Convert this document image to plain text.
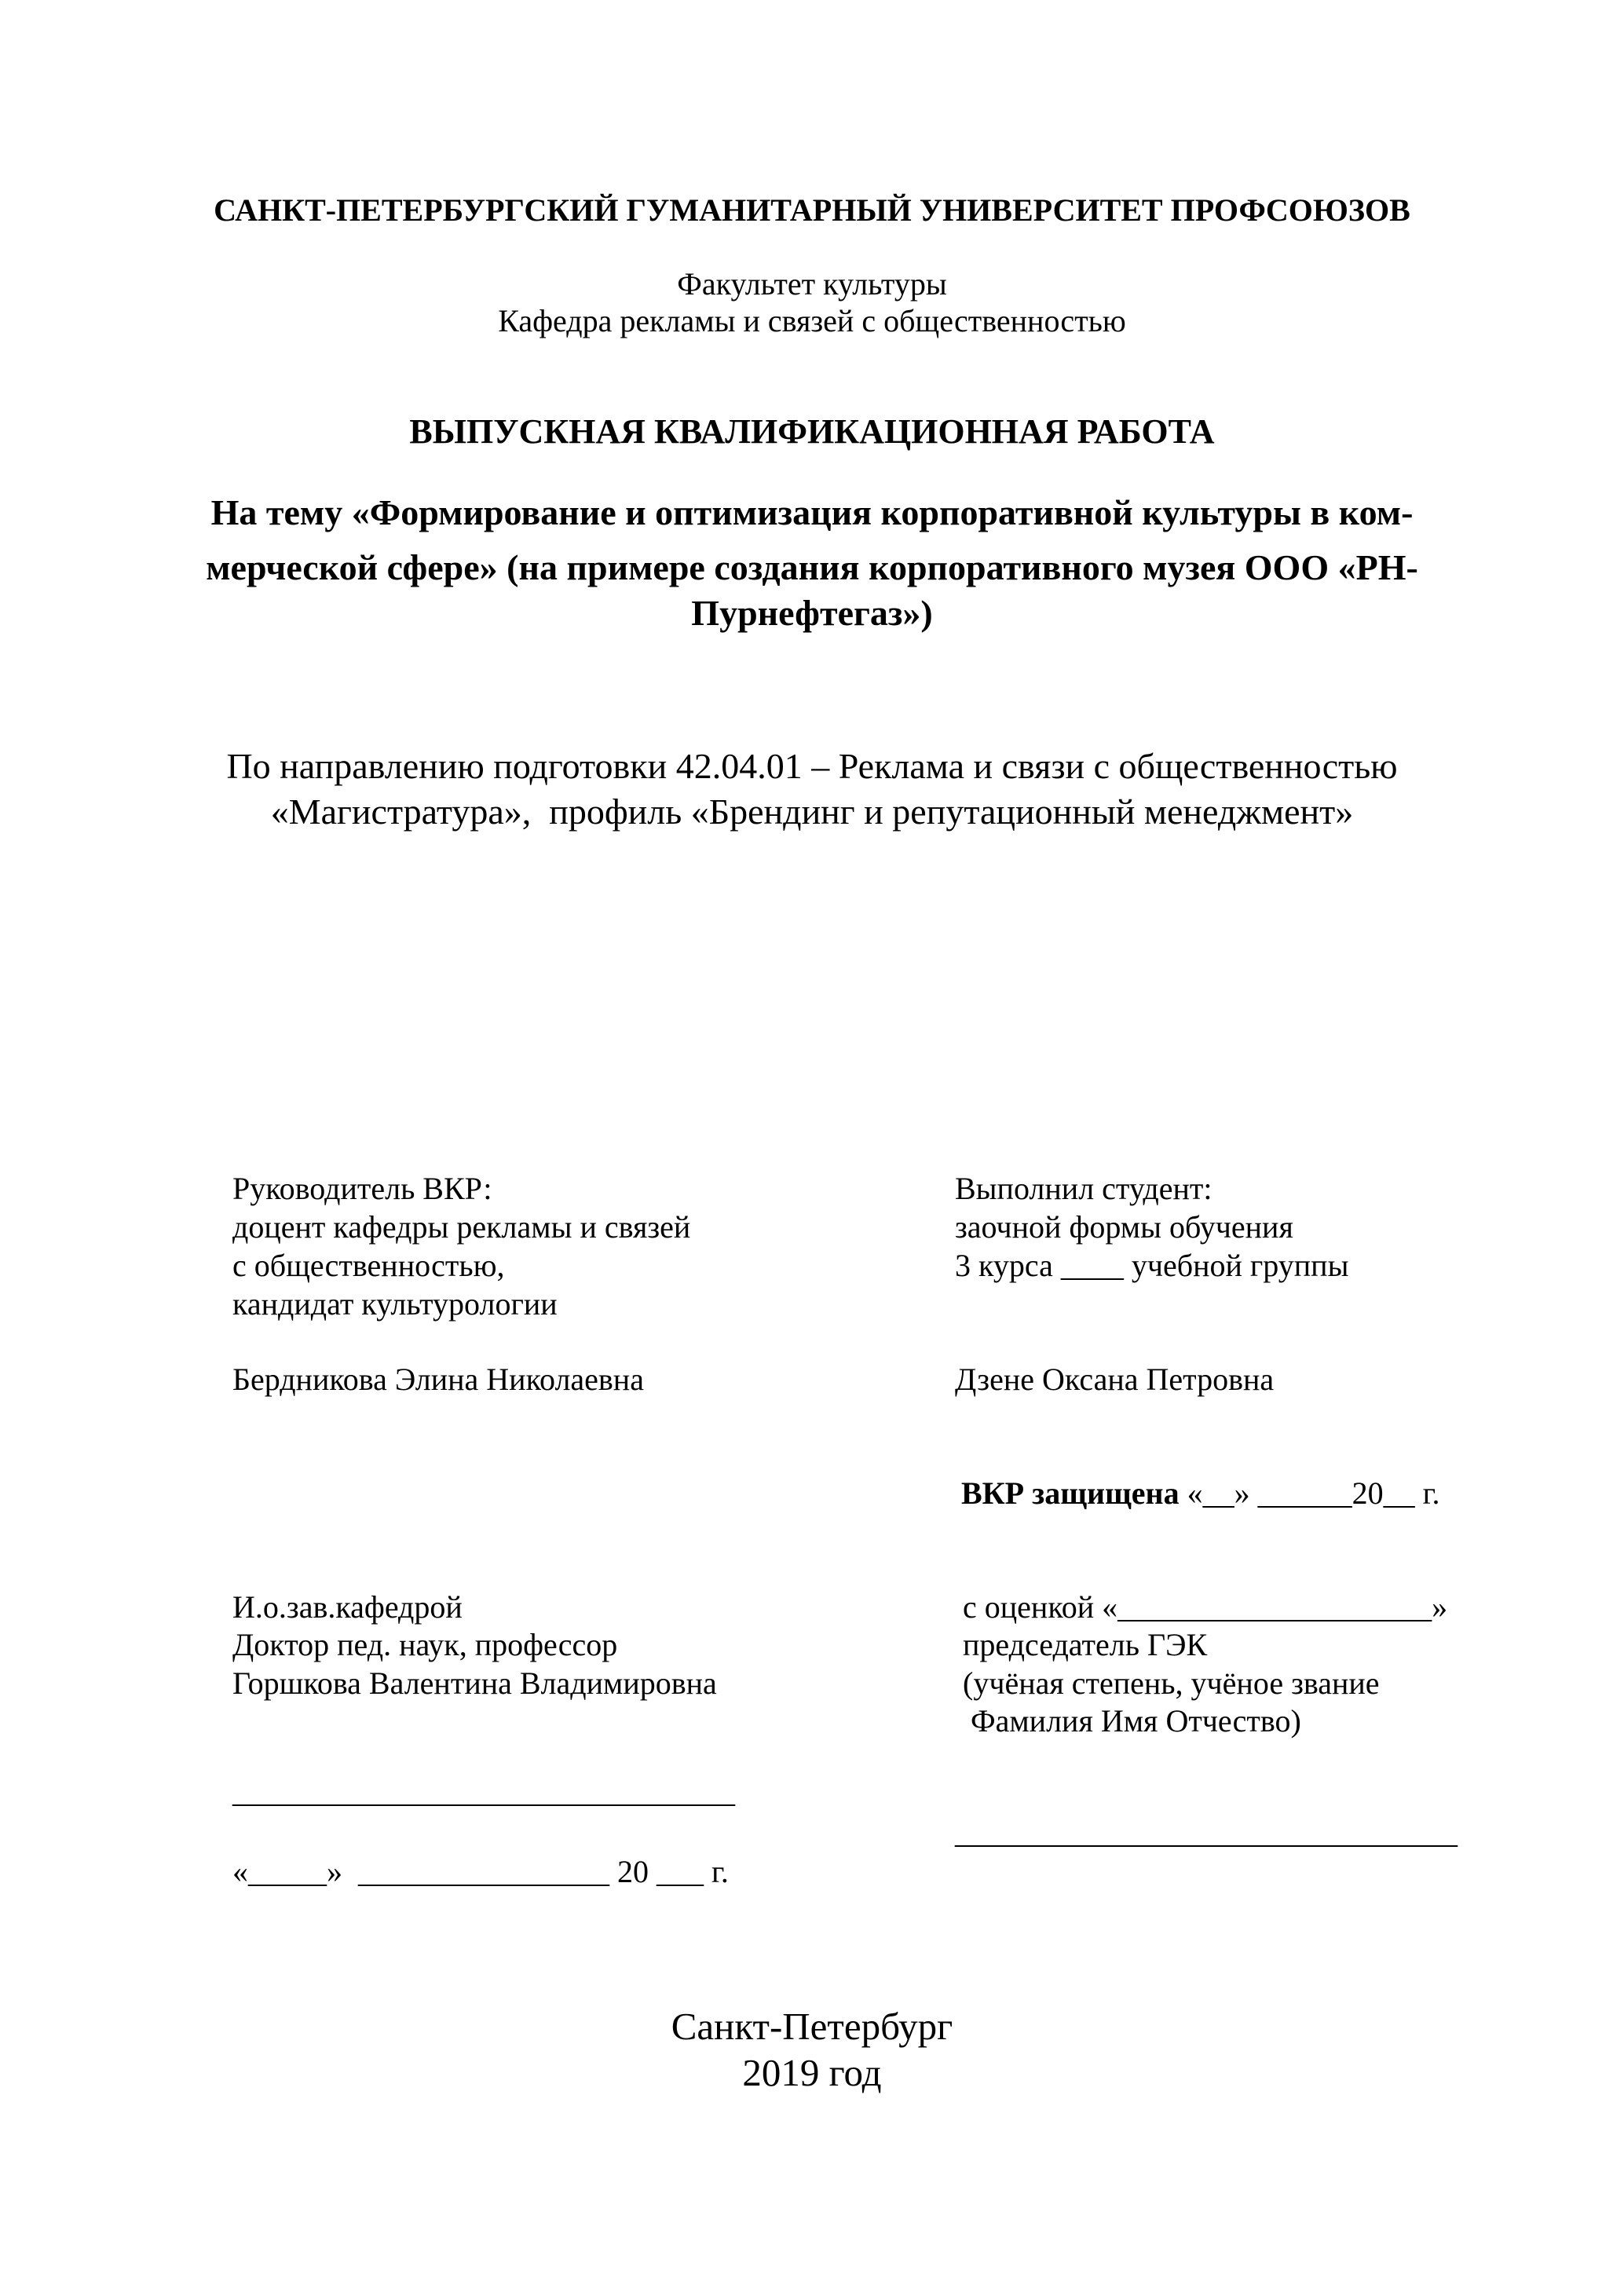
САНКТ-ПЕТЕРБУРГСКИЙ ГУМАНИТАРНЫЙ УНИВЕРСИТЕТ ПРОФСОЮЗОВ
Факультет культуры
Кафедра рекламы и связей с общественностью
ВЫПУСКНАЯ КВАЛИФИКАЦИОННАЯ РАБОТА
На тему «Формирование и оптимизация корпоративной культуры в ком-
мерческой сфере» (на примере создания корпоративного музея ООО «РН-
Пурнефтегаз»)
По направлению подготовки 42.04.01 – Реклама и связи с общественностью
«Магистратура»,  профиль «Брендинг и репутационный менеджмент»
Руководитель ВКР:
доцент кафедры рекламы и связей
с общественностью,
кандидат культурологии
Бердникова Элина Николаевна
Выполнил студент:
заочной формы обучения
3 курса ____ учебной группы
Дзене Оксана Петровна
ВКР защищена «__» ______20__ г.
И.о.зав.кафедрой
Доктор пед. наук, профессор
Горшкова Валентина Владимировна
________________________________
«_____»  ________________ 20 ___ г.
с оценкой «____________________»
председатель ГЭК
(учёная степень, учёное звание
Фамилия Имя Отчество)
________________________________
Санкт-Петербург
2019 год
